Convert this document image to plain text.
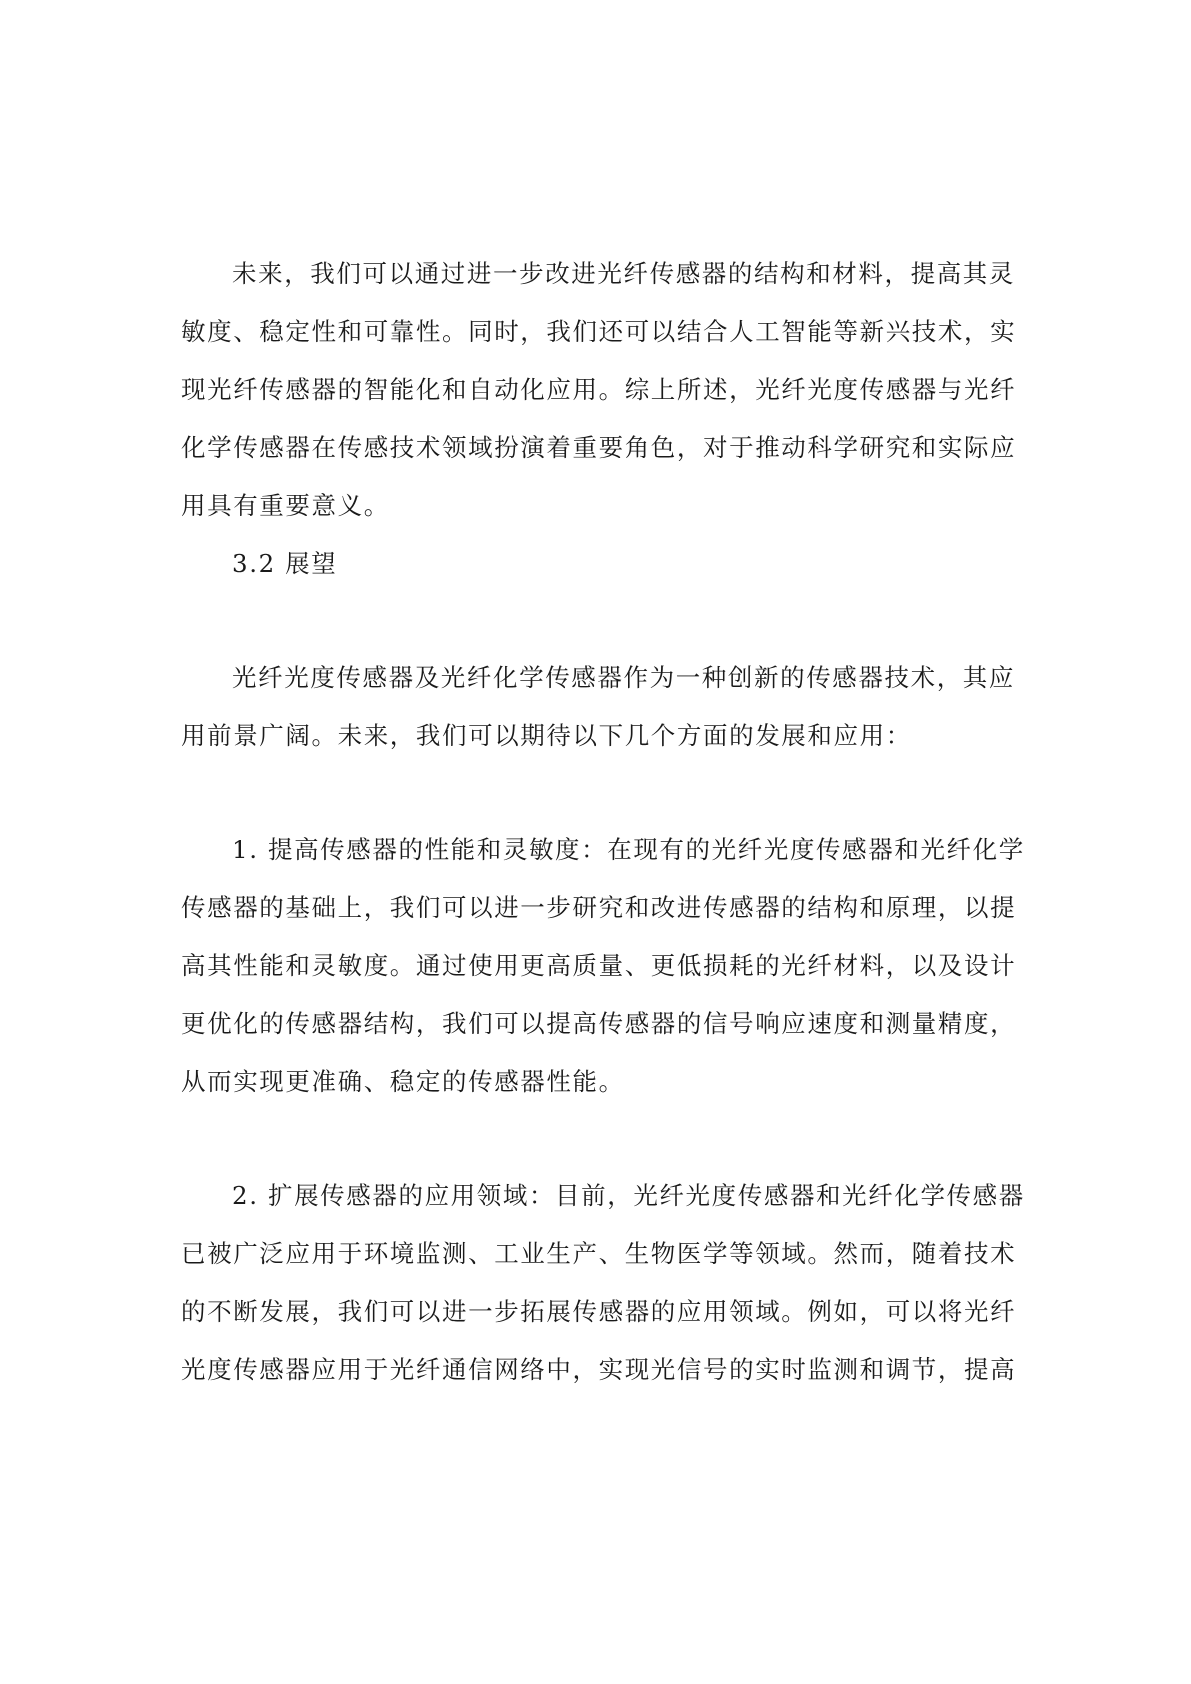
未来，我们可以通过进一步改进光纤传感器的结构和材料，提高其灵
敏度、稳定性和可靠性。同时，我们还可以结合人工智能等新兴技术，实
现光纤传感器的智能化和自动化应用。综上所述，光纤光度传感器与光纤
化学传感器在传感技术领域扮演着重要角色，对于推动科学研究和实际应
用具有重要意义。
3.2 展望
光纤光度传感器及光纤化学传感器作为一种创新的传感器技术，其应
用前景广阔。未来，我们可以期待以下几个方面的发展和应用：
1. 提高传感器的性能和灵敏度：在现有的光纤光度传感器和光纤化学
传感器的基础上，我们可以进一步研究和改进传感器的结构和原理，以提
高其性能和灵敏度。通过使用更高质量、更低损耗的光纤材料，以及设计
更优化的传感器结构，我们可以提高传感器的信号响应速度和测量精度，
从而实现更准确、稳定的传感器性能。
2. 扩展传感器的应用领域：目前，光纤光度传感器和光纤化学传感器
已被广泛应用于环境监测、工业生产、生物医学等领域。然而，随着技术
的不断发展，我们可以进一步拓展传感器的应用领域。例如，可以将光纤
光度传感器应用于光纤通信网络中，实现光信号的实时监测和调节，提高
